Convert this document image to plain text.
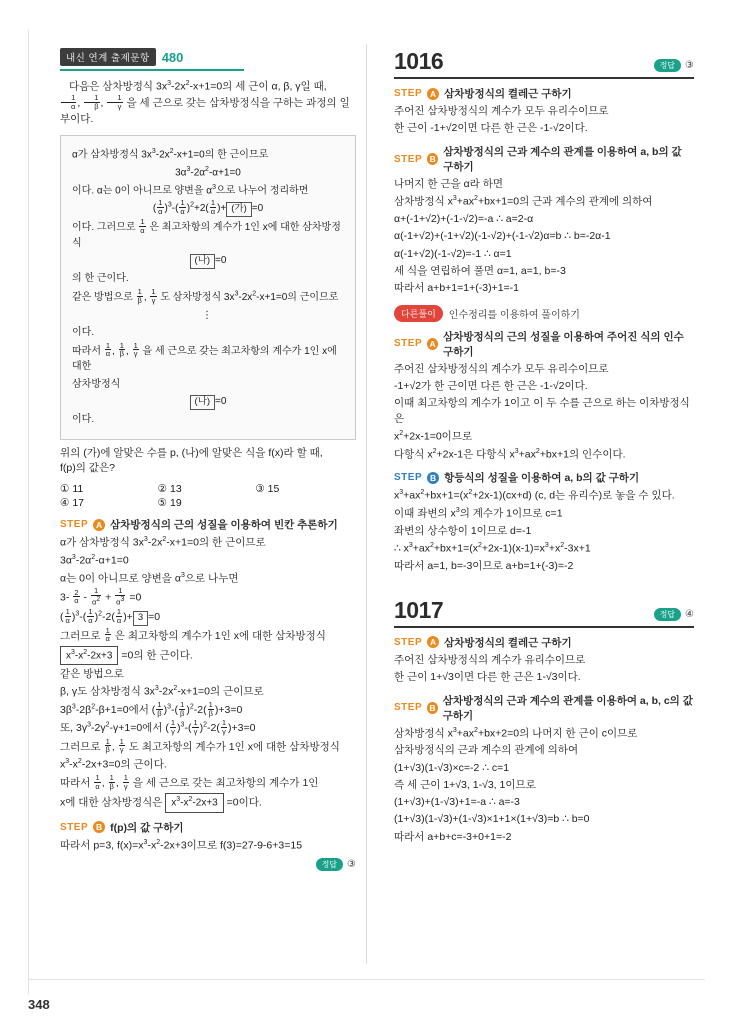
내신 연계 출제문항 480

다음은 삼차방정식 $3x^3-2x^2-x+1=0$의 세 근이 α, β, γ일 때,

$\frac{1}{\alpha}$ , $\frac{1}{\beta}$ , $\frac{1}{\gamma}$ 을 세 근으로 갖는 삼차방정식을 구하는 과정의 일부이다.

α가 삼차방정식 $3x^3-2x^2-x+1=0$의 한 근이므로

$3\alpha^3-2\alpha^2-\alpha+1=0$

이다. α는 0이 아니므로 양변을 $\alpha^3$으로 나누어 정리하면

( $\frac{1}{\alpha} )^3-( \frac{1}{\alpha} )^2+2( \frac{1}{\alpha}$ )+ (가) =0

이다. 그러므로 $\frac{1}{\alpha}$ 은 최고차항의 계수가 1인 x에 대한 삼차방정식

(나) =0

의 한 근이다.

같은 방법으로 $\frac{1}{\beta}$ , $\frac{1}{\gamma}$ 도 삼차방정식 $3x^3-2x^2-x+1=0$의 근이므로

⋮

이다.

따라서 $\frac{1}{\alpha}$ , $\frac{1}{\beta}$ , $\frac{1}{\gamma}$ 을 세 근으로 갖는 최고차항의 계수가 1인 x에 대한

삼차방정식

(나) =0

이다.

위의 (가)에 알맞은 수를 p, (나)에 알맞은 식을 f(x)라 할 때,
f(p)의 값은?

① 11	② 13	③ 15
④ 17	⑤ 19
STEP A 삼차방정식의 근의 성질을 이용하여 빈칸 추론하기

α가 삼차방정식 $3x^3-2x^2-x+1=0$의 한 근이므로

$3\alpha^3-2\alpha^2-\alpha+1=0$

α는 0이 아니므로 양변을 $\alpha^3$으로 나누면

$3- \frac{2}{\alpha} - \frac{1}{\alpha 2} + \frac{1}{\alpha 3} =0$

( $\frac{1}{\alpha} )^3-( \frac{1}{\alpha} )^2-2( \frac{1}{\alpha}$ )+ 3 =0

그러므로 $\frac{1}{\alpha}$ 은 최고차항의 계수가 1인 x에 대한 삼차방정식

$x^3-x^2-2x+3 =0$의 한 근이다.

같은 방법으로

β, γ도 삼차방정식 $3x^3-2x^2-x+1=0$의 근이므로

$3\beta^3-2\beta^2-\beta+1=0$에서 ( $\frac{1}{\beta} )^3-( \frac{1}{\beta} )^2-2( \frac{1}{\beta} )+3=0$

또, $3\gamma^3-2\gamma^2-\gamma+1=0$에서 ( $\frac{1}{\gamma} )^3-( \frac{1}{\gamma} )^2-2( \frac{1}{\gamma} )+3=0$

그러므로 $\frac{1}{\beta}$ , $\frac{1}{\gamma}$ 도 최고차항의 계수가 1인 x에 대한 삼차방정식

$x^3-x^2-2x+3=0$의 근이다.

따라서 $\frac{1}{\alpha}$ , $\frac{1}{\beta}$ , $\frac{1}{\gamma}$ 을 세 근으로 갖는 최고차항의 계수가 1인

x에 대한 삼차방정식은 $x^3-x^2-2x+3 =0$이다.

STEP B f(p)의 값 구하기

따라서 p=3, $f(x)=x^3-x^2-2x+3$이므로 f(3)=27-9-6+3=15

정답	③
1016	정답	③
STEP A 삼차방정식의 켤레근 구하기

주어진 삼차방정식의 계수가 모두 유리수이므로

한 근이 -1+√2이면 다른 한 근은 -1-√2이다.

STEP B
삼차방정식의 근과 계수의 관계를 이용하여 a, b의 값 구하기

나머지 한 근을 α라 하면

삼차방정식 $x^3+ax^2+bx+1=0$의 근과 계수의 관계에 의하여

α+(-1+√2)+(-1-√2)=-a ∴ a=2-α

α(-1+√2)+(-1+√2)(-1-√2)+(-1-√2)α=b ∴ b=-2α-1

α(-1+√2)(-1-√2)=-1 ∴ α=1

세 식을 연립하여 풀면 α=1, a=1, b=-3

따라서 a+b+1=1+(-3)+1=-1

다른풀이	인수정리를 이용하여 풀이하기
STEP A
삼차방정식의 근의 성질을 이용하여 주어진 식의 인수 구하기

주어진 삼차방정식의 계수가 모두 유리수이므로

-1+√2가 한 근이면 다른 한 근은 -1-√2이다.

이때 최고차항의 계수가 1이고 이 두 수를 근으로 하는 이차방정식은

$x^2+2x-1=0$이므로

다항식 $x^2+2x-1$은 다항식 $x^3+ax^2+bx+1$의 인수이다.

STEP B 항등식의 성질을 이용하여 a, b의 값 구하기

$x^3+ax^2+bx+1=(x^2+2x-1)(cx+d)$ (c, d는 유리수)로 놓을 수 있다.

이때 좌변의 $x^3$의 계수가 1이므로 c=1

좌변의 상수항이 1이므로 d=-1

∴ $x^3+ax^2+bx+1=(x^2+2x-1)(x-1)=x^3+x^2-3x+1$

따라서 a=1, b=-3이므로 a+b=1+(-3)=-2

1017	정답	④
STEP A 삼차방정식의 켤레근 구하기

주어진 삼차방정식의 계수가 유리수이므로

한 근이 1+√3이면 다른 한 근은 1-√3이다.

STEP B
삼차방정식의 근과 계수의 관계를 이용하여 a, b, c의 값 구하기

삼차방정식 $x^3+ax^2+bx+2=0$의 나머지 한 근이 c이므로

삼차방정식의 근과 계수의 관계에 의하여

(1+√3)(1-√3)×c=-2 ∴ c=1

즉 세 근이 1+√3, 1-√3, 1이므로

(1+√3)+(1-√3)+1=-a ∴ a=-3

(1+√3)(1-√3)+(1-√3)×1+1×(1+√3)=b ∴ b=0

따라서 a+b+c=-3+0+1=-2

348
